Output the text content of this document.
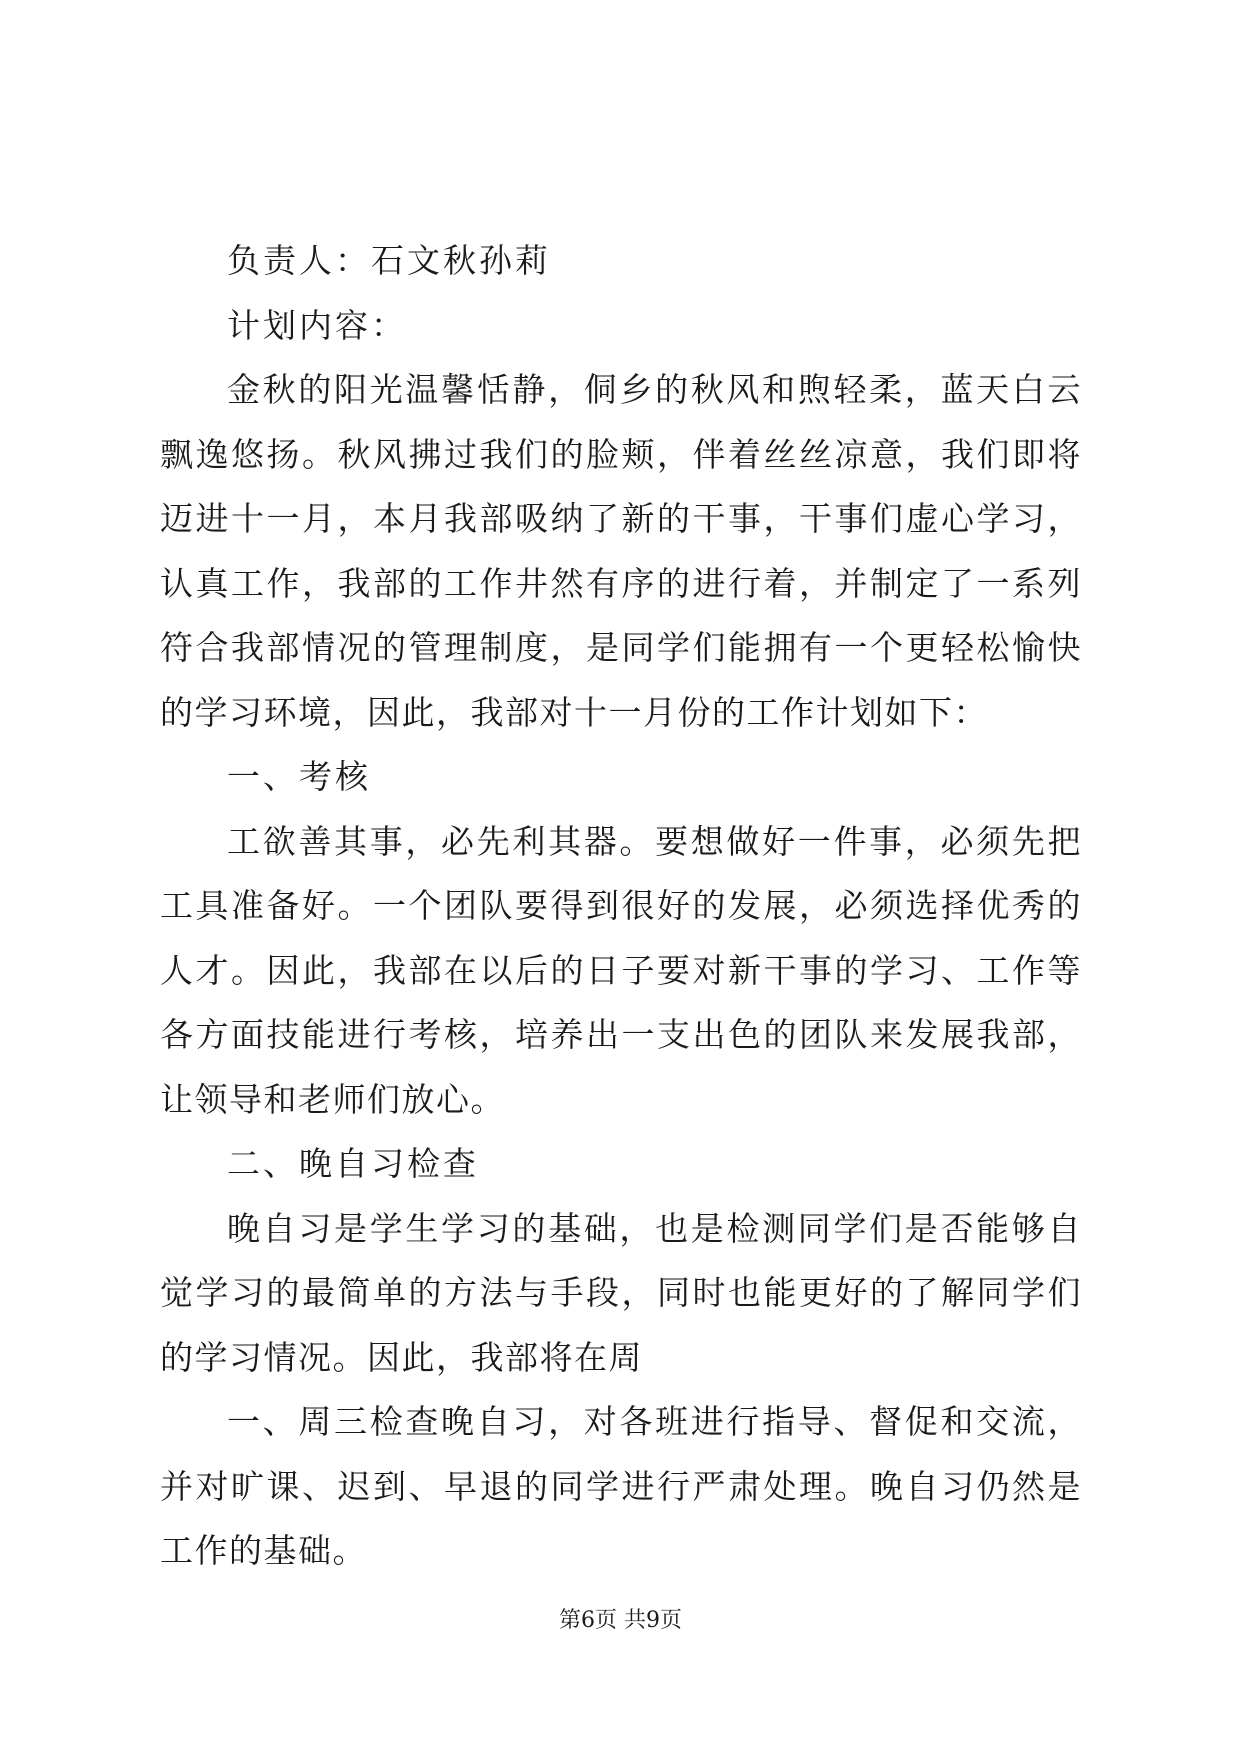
负责人：石文秋孙莉

计划内容：

金秋的阳光温馨恬静，侗乡的秋风和煦轻柔，蓝天白云飘逸悠扬。秋风拂过我们的脸颊，伴着丝丝凉意，我们即将迈进十一月，本月我部吸纳了新的干事，干事们虚心学习，认真工作，我部的工作井然有序的进行着，并制定了一系列符合我部情况的管理制度，是同学们能拥有一个更轻松愉快的学习环境，因此，我部对十一月份的工作计划如下：

一、考核

工欲善其事，必先利其器。要想做好一件事，必须先把工具准备好。一个团队要得到很好的发展，必须选择优秀的人才。因此，我部在以后的日子要对新干事的学习、工作等各方面技能进行考核，培养出一支出色的团队来发展我部，让领导和老师们放心。

二、晚自习检查

晚自习是学生学习的基础，也是检测同学们是否能够自觉学习的最简单的方法与手段，同时也能更好的了解同学们的学习情况。因此，我部将在周

一、周三检查晚自习，对各班进行指导、督促和交流，并对旷课、迟到、早退的同学进行严肃处理。晚自习仍然是工作的基础。

第6页 共9页
